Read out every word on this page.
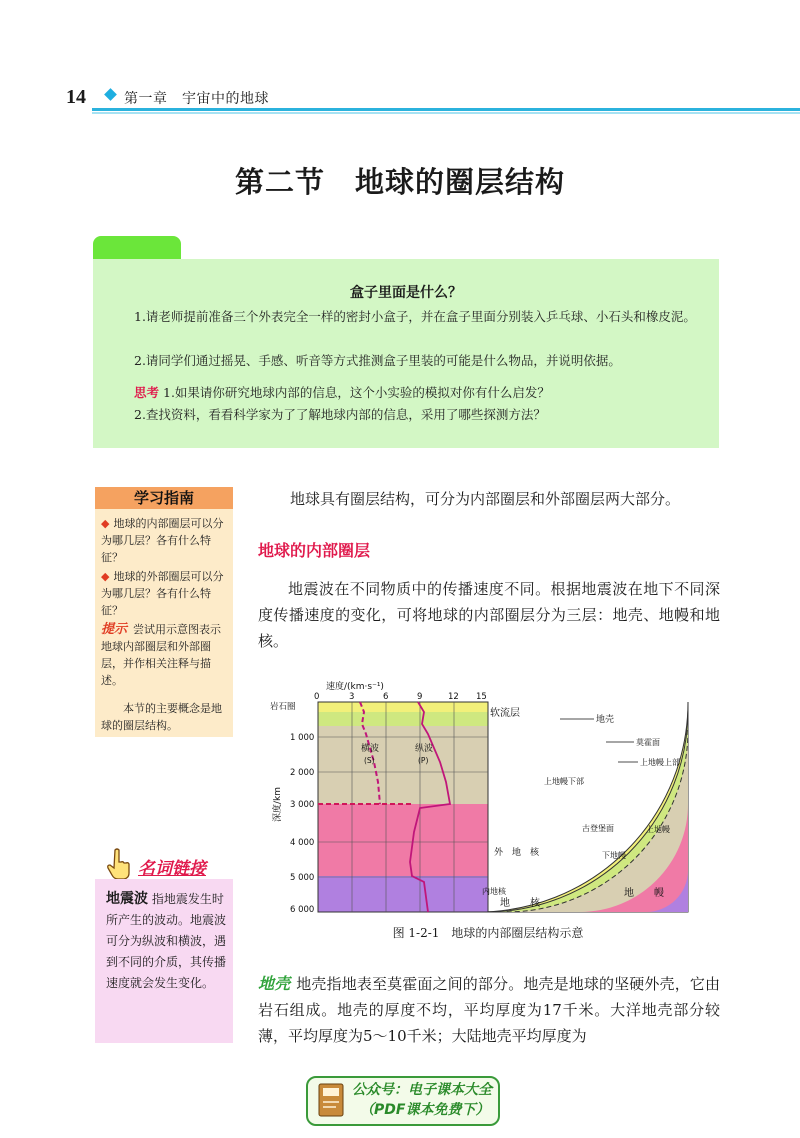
14	第一章　宇宙中的地球
第二节　地球的圈层结构
盒子里面是什么？
1.请老师提前准备三个外表完全一样的密封小盒子，并在盒子里面分别装入乒乓球、小石头和橡皮泥。
2.请同学们通过摇晃、手感、听音等方式推测盒子里装的可能是什么物品，并说明依据。
思考 1.如果请你研究地球内部的信息，这个小实验的模拟对你有什么启发？
2.查找资料，看看科学家为了了解地球内部的信息，采用了哪些探测方法？
学习指南
◆ 地球的内部圈层可以分为哪几层？各有什么特征？
◆ 地球的外部圈层可以分为哪几层？各有什么特征？
提示 尝试用示意图表示地球内部圈层和外部圈层，并作相关注释与描述。
本节的主要概念是地球的圈层结构。
名词链接
地震波 指地震发生时所产生的波动。地震波可分为纵波和横波，遇到不同的介质，其传播速度就会发生变化。
地球具有圈层结构，可分为内部圈层和外部圈层两大部分。
地球的内部圈层
地震波在不同物质中的传播速度不同。根据地震波在地下不同深度传播速度的变化，可将地球的内部圈层分为三层：地壳、地幔和地核。
速度/(km·s⁻¹)
0	3	6	9	12 15
1 000
2 000
3 000
4 000
5 000
6 000
岩石圈
深度/km
软流层
横波
(S)
纵波
(P)
外　地　核
内地核
地　　核
地　　幔
地壳
莫霍面
上地幔上部
上地幔下部
上地幔
古登堡面
下地幔
图 1-2-1　地球的内部圈层结构示意
地壳 地壳指地表至莫霍面之间的部分。地壳是地球的坚硬外壳，它由岩石组成。地壳的厚度不均，平均厚度为17千米。大洋地壳部分较薄，平均厚度为5～10千米；大陆地壳平均厚度为
公众号：电子课本大全
（PDF课本免费下）
